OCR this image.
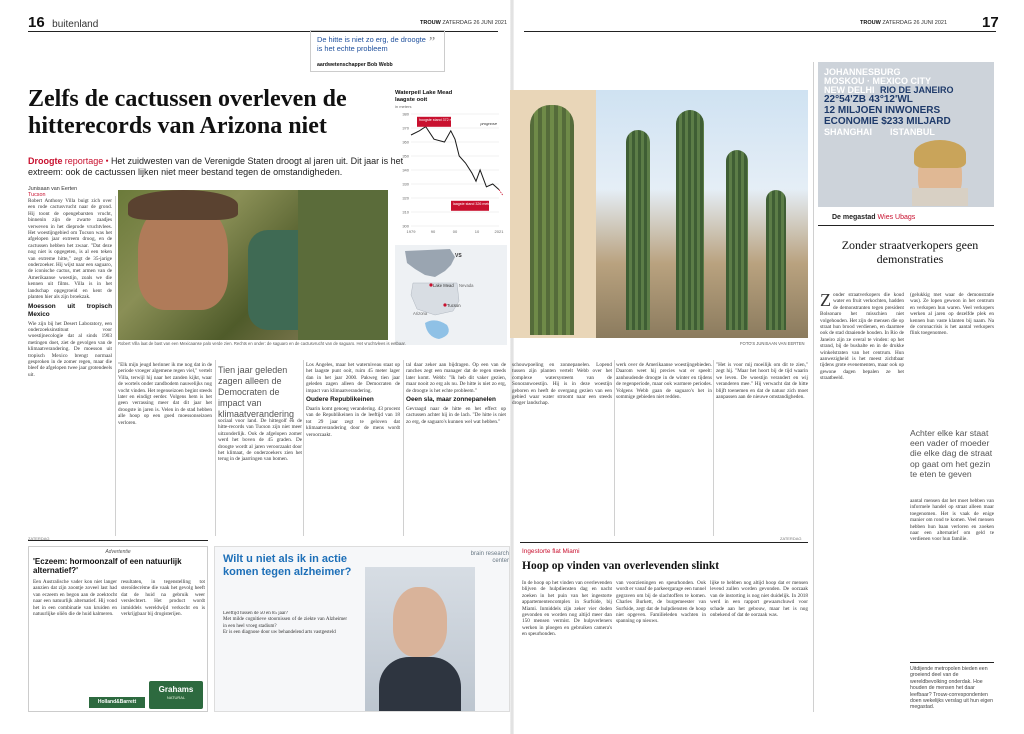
16 buitenland	TROUW ZATERDAG 26 JUNI 2021	TROUW ZATERDAG 26 JUNI 2021 17
De hitte is niet zo erg, de droogte is het echte probleem
aardwetenschapper Bob Webb
”
Zelfs de cactussen overleven de hitterecords van Arizona niet
Droogte reportage • Het zuidwesten van de Verenigde Staten droogt al jaren uit. Dit jaar is het extreem: ook de cactussen lijken niet meer bestand tegen de omstandigheden.
Junisaan van Eerten
Tucson
Waterpeil Lake Mead
laagste ooit
in meters
380
370
360
350
340
330
320
310
300
1979	90	00	10	2021
hoogste stand 372 meter
laagste stand 326 meter
prognose
VS
Lake Mead Nevada
Tucson
Arizona
Robert Villa laat de bast van een Mexicaanse palo verde zien. Rechts en onder: de saguaro en de cactusvrucht van de saguaro. Het vruchtvlees is eetbaar.	FOTO'S JUNISAAN VAN EERTEN
Robert Anthony Villa buigt zich over een rode cactusvrucht naar de grond. Hij toont de opengebarsten vrucht, binnenin zijn de zwarte zaadjes verweven in het dieprode vruchtvlees. Het woestijngebied om Tucson was het afgelopen jaar extreem droog, en de cactussen hebben het zwaar. "Dat deze nog niet is opgegeten, is al een teken van extreme hitte," zegt de 35-jarige onderzoeker. Hij wijst naar een saguaro, de iconische cactus, met armen van de Amerikaanse woestijn, zoals we die kennen uit films. Villa is in het landschap opgegroeid en kent de planten hier als zijn broekzak.
Moesson uit tropisch Mexico
Wie zijn bij het Desert Laboratory, een onderzoeksinstituut voor woestijnecologie dat al sinds 1903 metingen doet, ziet de gevolgen van de klimaatverandering. De moesson uit tropisch Mexico brengt normaal gesproken in de zomer regen, maar die bleef de afgelopen twee jaar grotendeels uit.
"Elk mijn jeugd herinner ik me nog dat in de periode vroeger algemene regen viel," vertelt Villa, terwijl hij naar het zanden kijkt, waar de wortels onder zandbodem nauwelijks nog vocht vinden. Het regenseizoen begint steeds later en eindigt eerder. Volgens hem is het geen verrassing meer dat dit jaar het droogste in jaren is. Velen in de stad hebben alle hoop op een goed moessonseizoen verloren.
Tien jaar geleden zagen alleen de Democraten de impact van klimaatverandering
sociaal voor land. De hittegolf en de hitte-records van Tucson zijn niet meer uitzonderlijk. Ook de afgelopen zomer werd het boven de 45 graden. De droogte wordt al jaren veroorzaakt door het klimaat, de onderzoekers zien het terug in de jaarringen van bomen.
Los Angeles, maar het waterniveau staat op het laagste punt ooit, ruim 45 meter lager dan in het jaar 2000. Pakweg tien jaar geleden zagen alleen de Democraten de impact van klimaatverandering.
Oudere Republikeinen
Daarin komt genoeg verandering. 43 procent van de Republikeinen in de leeftijd van 18 tot 29 jaar zegt te geloven dat klimaatverandering door de mens wordt veroorzaakt.
tal daar zeker aan bijdragen. Op een van de ranches zegt een manager dat de regen steeds later komt. Webb: "Ik heb dit vaker gezien, maar nooit zo erg als nu. De hitte is niet zo erg, de droogte is het echte probleem."
Oeen sla, maar zonnepanelen
Gevraagd naar de hitte en het effect op cactussen achter hij in de lach. "De hitte is niet zo erg, de saguaro's kunnen wel wat hebben."
schouwpoeling en zonnepanelen. Lopend tussen zijn planten vertelt Webb over het complexe watersysteem van de Sonoranwoestijn. Hij is in deze woestijn geboren en heeft de overgang gezien van een gebied waar water stroomt naar een steeds droger landschap.
werk over de Amerikaanse woestijngebieden. Daarom weet hij precies wat er speelt: aanhoudende droogte in de winter en tijdens de regenperiode, maar ook warmere periodes. Volgens Webb gaan de saguaro's het in sommige gebieden niet redden.
"Het is voor mij moeilijk om dit te zien," zegt hij. "Maar het hoort bij de tijd waarin we leven. De woestijn verandert en wij veranderen mee." Hij verwacht dat de hitte blijft toenemen en dat de natuur zich moet aanpassen aan de nieuwe omstandigheden.
JOHANNESBURG
MOSKOU · MEXICO CITY
NEW DELHI RIO DE JANEIRO
22°54'ZB 43°12'WL
12 MILJOEN INWONERS
ECONOMIE $233 MILJARD
SHANGHAI	ISTANBUL
De megastad Wies Ubags
Zonder straatverkopers geen demonstraties
Zonder straatverkopers die koud water en fruit verkochten, hadden de demonstranten tegen president Bolsonaro het misschien niet volgehouden. Het zijn de mensen die op straat hun brood verdienen, en daarmee ook de stad draaiende houden. In Rio de Janeiro zijn ze overal te vinden: op het strand, bij de bushalte en in de drukke winkelstraten van het centrum. Hun aanwezigheid is het meest zichtbaar tijdens grote evenementen, maar ook op gewone dagen bepalen ze het straatbeeld.
(gelukkig met waar de demonstratie was). Ze lopen gewoon in het centrum en verkopen hun waren. Veel verkopers werken al jaren op dezelfde plek en kennen hun vaste klanten bij naam. Na de coronacrisis is het aantal verkopers flink toegenomen.
Achter elke kar staat een vader of moeder die elke dag de straat op gaat om het gezin te eten te geven
aantal mensen dat het moet hebben van informele handel op straat alleen maar toegenomen. Het is vaak de enige manier om rond te komen. Veel mensen hebben hun baan verloren en zoeken naar een alternatief om geld te verdienen voor hun familie.
Uitdijende metropolen bieden een groeiend deel van de wereldbevolking onderdak. Hoe houden de mensen het daar leefbaar? Trouw-correspondenten doen wekelijks verslag uit hun eigen megastad.
Ingestorte flat Miami
Hoop op vinden van overlevenden slinkt
In de hoop op het vinden van overlevenden blijven de hulpdiensten dag en nacht zoeken in het puin van het ingestorte appartementencomplex in Surfside, bij Miami. Inmiddels zijn zeker vier doden gevonden en worden nog altijd meer dan 150 mensen vermist. De hulpverleners werken in ploegen en gebruiken camera's en speurhonden.
van voorzieningen en speurhonden. Ook wordt er vanaf de parkeergarage een tunnel gegraven om bij de slachtoffers te komen. Charles Burkett, de burgemeester van Surfside, zegt dat de hulpdiensten de hoop niet opgeven. Familieleden wachten in spanning op nieuws.
lijke te hebben nog altijd hoop dat er mensen levend zullen worden gevonden. De oorzaak van de instorting is nog niet duidelijk. In 2018 werd in een rapport gewaarschuwd voor schade aan het gebouw, maar het is nog onbekend of dat de oorzaak was.
Advertentie
'Eczeem: hormoonzalf of een natuurlijk alternatief?'
Een Australische vader kon niet langer aanzien dat zijn zoontje zoveel last had van eczeem en begon aan de zoektocht naar een natuurlijk alternatief. Hij vond het in een combinatie van kruiden en natuurlijke oliën die de huid kalmeren.
resultaten, in tegenstelling tot steroïdecrème die vaak het gevolg heeft dat de huid na gebruik weer verslechtert. Het product wordt inmiddels wereldwijd verkocht en is verkrijgbaar bij drogisterijen.
Grahams
NATURAL
Holland&Barrett
Wilt u niet als ik in actie komen tegen alzheimer?
Leeftijd tussen de 50 en 85 jaar?
Met milde cognitieve stoornissen of de ziekte van Alzheimer in een heel vroeg stadium?
Er is een diagnose door uw behandelend arts vastgesteld
brain research center
ZATERDAG	ZATERDAG
